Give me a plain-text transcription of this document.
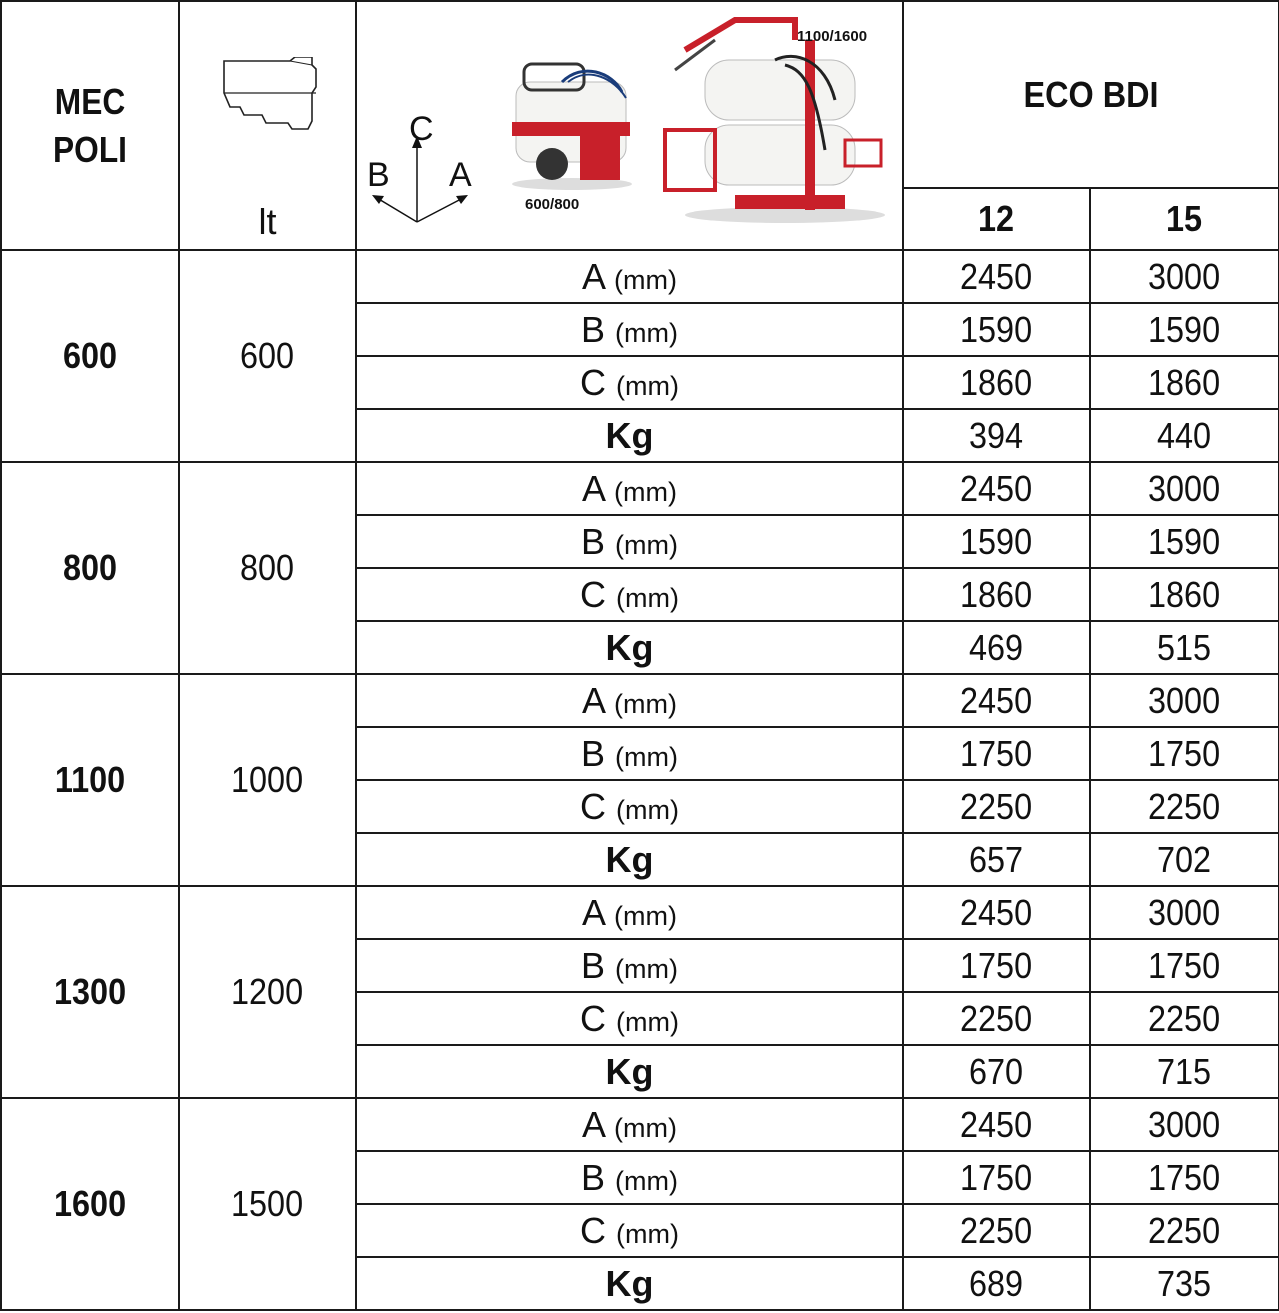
MEC
POLI	lt	C
B A
600/800
1100/1600	ECO BDI	
			12	15
600	600	A (mm)	2450	3000
		B (mm)	1590	1590
		C (mm)	1860	1860
		Kg	394	440
800	800	A (mm)	2450	3000
		B (mm)	1590	1590
		C (mm)	1860	1860
		Kg	469	515
1100	1000	A (mm)	2450	3000
		B (mm)	1750	1750
		C (mm)	2250	2250
		Kg	657	702
1300	1200	A (mm)	2450	3000
		B (mm)	1750	1750
		C (mm)	2250	2250
		Kg	670	715
1600	1500	A (mm)	2450	3000
		B (mm)	1750	1750
		C (mm)	2250	2250
		Kg	689	735
